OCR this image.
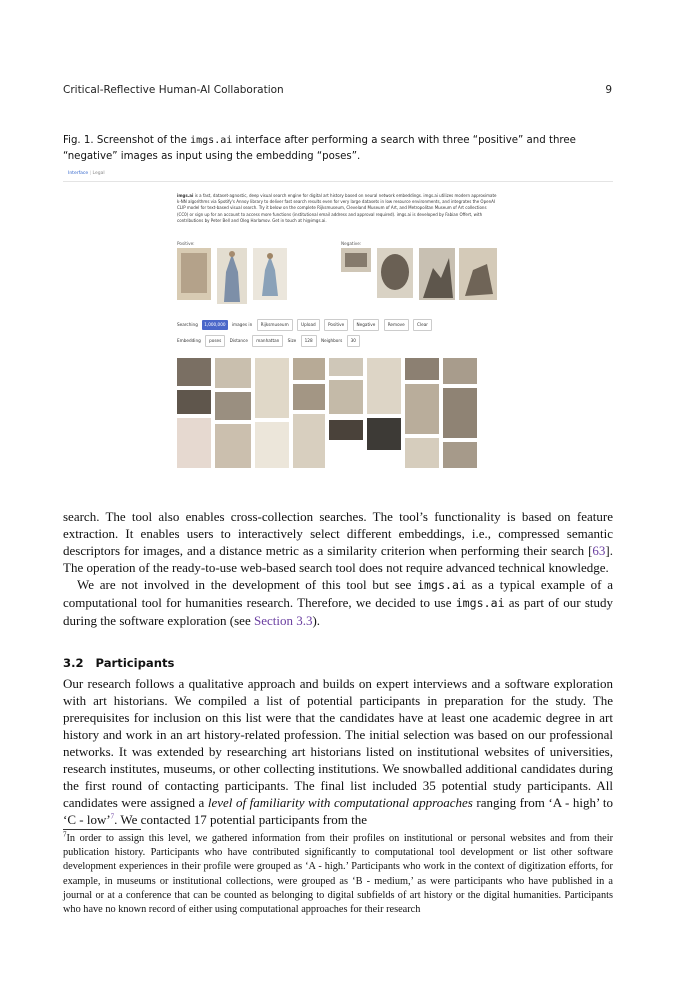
Critical-Reflective Human-AI Collaboration	9
Fig. 1. Screenshot of the imgs.ai interface after performing a search with three “positive” and three “negative” images as input using the embedding “poses”.
Interface | Legal
imgs.ai is a fast, dataset-agnostic, deep visual search engine for digital art history based on neural network embeddings. imgs.ai utilizes modern approximate k-NN algorithms via Spotify's Annoy library to deliver fast search results even for very large datasets in low resource environments, and integrates the OpenAI CLIP model for text-based visual search. Try it below on the complete Rijksmuseum, Cleveland Museum of Art, and Metropolitan Museum of Art collections (CC0) or sign up for an account to access more functions (institutional email address and approval required). imgs.ai is developed by Fabian Offert, with contributions by Peter Bell and Oleg Harlamov. Get in touch at hi@imgs.ai.
Positive:	Negative:
Searching 1,000,000 images in Rijksmuseum	Upload	Positive	Negative	Remove	Clear
Embedding poses Distance manhattan Size 128 Neighbors 30

search. The tool also enables cross-collection searches. The tool’s functionality is based on feature extraction. It enables users to interactively select different embeddings, i.e., compressed semantic descriptors for images, and a distance metric as a similarity criterion when performing their search [63]. The operation of the ready-to-use web-based search tool does not require advanced technical knowledge.

We are not involved in the development of this tool but see imgs.ai as a typical example of a computational tool for humanities research. Therefore, we decided to use imgs.ai as part of our study during the software exploration (see Section 3.3).

3.2 Participants

Our research follows a qualitative approach and builds on expert interviews and a software exploration with art historians. We compiled a list of potential participants in preparation for the study. The prerequisites for inclusion on this list were that the candidates have at least one academic degree in art history and work in an art history-related profession. The initial selection was based on our professional networks. It was extended by researching art historians listed on institutional websites of universities, research institutes, museums, or other collecting institutions. We snowballed additional candidates during the first round of contacting participants. The final list included 35 potential study participants. All candidates were assigned a level of familiarity with computational approaches ranging from ‘A - high’ to ‘C - low’$^7$. We contacted 17 potential participants from the

$^7$In order to assign this level, we gathered information from their profiles on institutional or personal websites and from their publication history. Participants who have contributed significantly to computational tool development or list other software development experiences in their profile were grouped as ‘A - high.’ Participants who work in the context of digitization efforts, for example, in museums or institutional collections, were grouped as ‘B - medium,’ as were participants who have published in a journal or at a conference that can be counted as belonging to digital subfields of art history or the digital humanities. Participants who have no known record of either using computational approaches for their research
